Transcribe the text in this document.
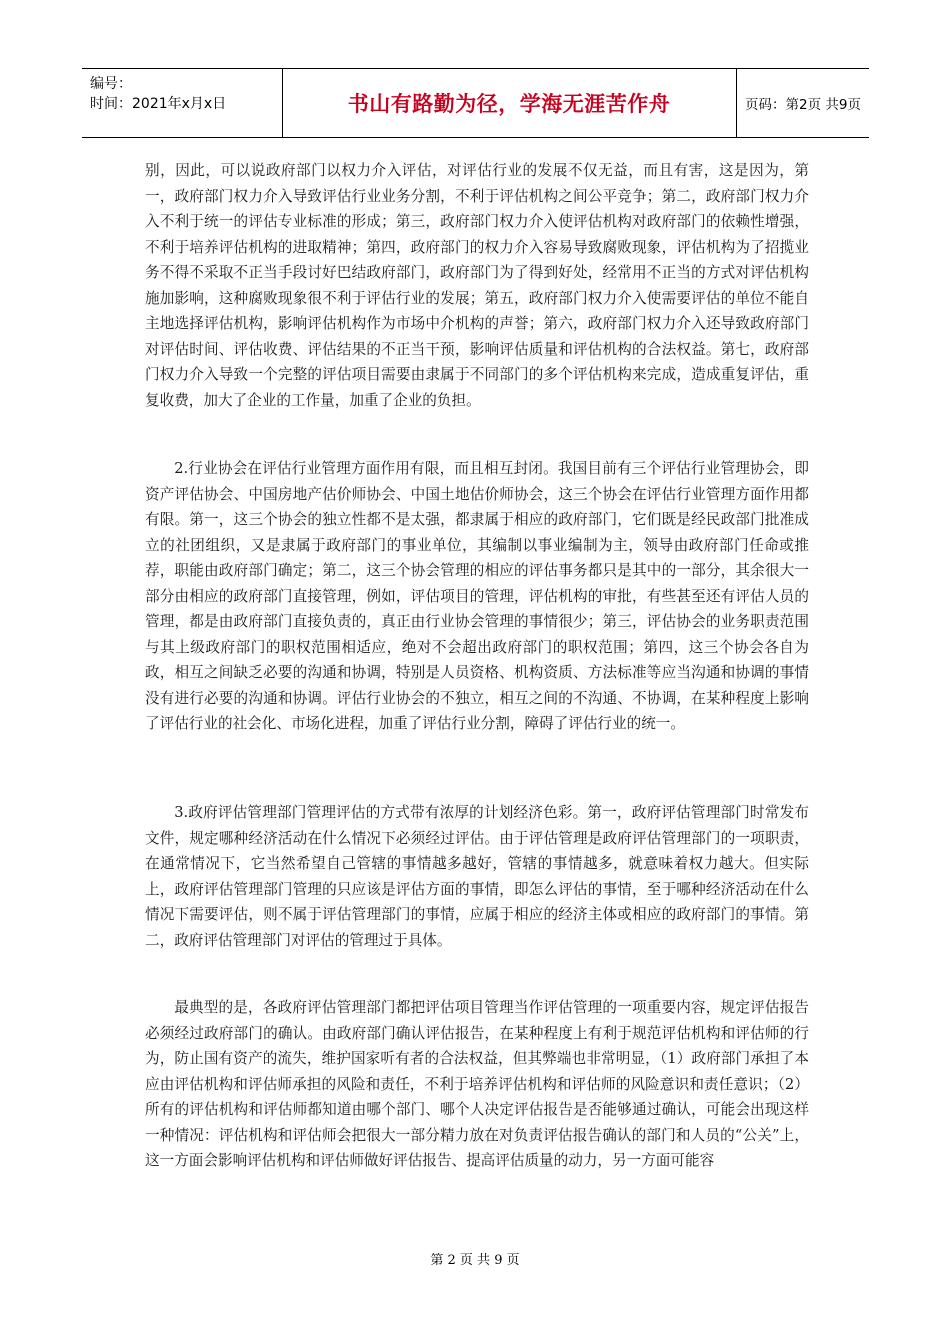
编号：
时间：2021年x月x日	书山有路勤为径，学海无涯苦作舟	页码：第2页 共9页

别，因此，可以说政府部门以权力介入评估，对评估行业的发展不仅无益，而且有害，这是因为，第一，政府部门权力介入导致评估行业业务分割，不利于评估机构之间公平竞争；第二，政府部门权力介入不利于统一的评估专业标准的形成；第三，政府部门权力介入使评估机构对政府部门的依赖性增强，不利于培养评估机构的进取精神；第四，政府部门的权力介入容易导致腐败现象，评估机构为了招揽业务不得不采取不正当手段讨好巴结政府部门，政府部门为了得到好处，经常用不正当的方式对评估机构施加影响，这种腐败现象很不利于评估行业的发展；第五，政府部门权力介入使需要评估的单位不能自主地选择评估机构，影响评估机构作为市场中介机构的声誉；第六，政府部门权力介入还导致政府部门对评估时间、评估收费、评估结果的不正当干预，影响评估质量和评估机构的合法权益。第七，政府部门权力介入导致一个完整的评估项目需要由隶属于不同部门的多个评估机构来完成，造成重复评估，重复收费，加大了企业的工作量，加重了企业的负担。

2.行业协会在评估行业管理方面作用有限，而且相互封闭。我国目前有三个评估行业管理协会，即资产评估协会、中国房地产估价师协会、中国土地估价师协会，这三个协会在评估行业管理方面作用都有限。第一，这三个协会的独立性都不是太强，都隶属于相应的政府部门，它们既是经民政部门批准成立的社团组织，又是隶属于政府部门的事业单位，其编制以事业编制为主，领导由政府部门任命或推荐，职能由政府部门确定；第二，这三个协会管理的相应的评估事务都只是其中的一部分，其余很大一部分由相应的政府部门直接管理，例如，评估项目的管理，评估机构的审批，有些甚至还有评估人员的管理，都是由政府部门直接负责的，真正由行业协会管理的事情很少；第三，评估协会的业务职责范围与其上级政府部门的职权范围相适应，绝对不会超出政府部门的职权范围；第四，这三个协会各自为政，相互之间缺乏必要的沟通和协调，特别是人员资格、机构资质、方法标准等应当沟通和协调的事情没有进行必要的沟通和协调。评估行业协会的不独立，相互之间的不沟通、不协调，在某种程度上影响了评估行业的社会化、市场化进程，加重了评估行业分割，障碍了评估行业的统一。

3.政府评估管理部门管理评估的方式带有浓厚的计划经济色彩。第一，政府评估管理部门时常发布文件，规定哪种经济活动在什么情况下必须经过评估。由于评估管理是政府评估管理部门的一项职责，在通常情况下，它当然希望自己管辖的事情越多越好，管辖的事情越多，就意味着权力越大。但实际上，政府评估管理部门管理的只应该是评估方面的事情，即怎么评估的事情，至于哪种经济活动在什么情况下需要评估，则不属于评估管理部门的事情，应属于相应的经济主体或相应的政府部门的事情。第二，政府评估管理部门对评估的管理过于具体。

最典型的是，各政府评估管理部门都把评估项目管理当作评估管理的一项重要内容，规定评估报告必须经过政府部门的确认。由政府部门确认评估报告，在某种程度上有利于规范评估机构和评估师的行为，防止国有资产的流失，维护国家听有者的合法权益，但其弊端也非常明显，（1）政府部门承担了本应由评估机构和评估师承担的风险和责任，不利于培养评估机构和评估师的风险意识和责任意识；（2）所有的评估机构和评估师都知道由哪个部门、哪个人决定评估报告是否能够通过确认，可能会出现这样一种情况：评估机构和评估师会把很大一部分精力放在对负责评估报告确认的部门和人员的“公关”上，这一方面会影响评估机构和评估师做好评估报告、提高评估质量的动力，另一方面可能容

第 2 页 共 9 页
